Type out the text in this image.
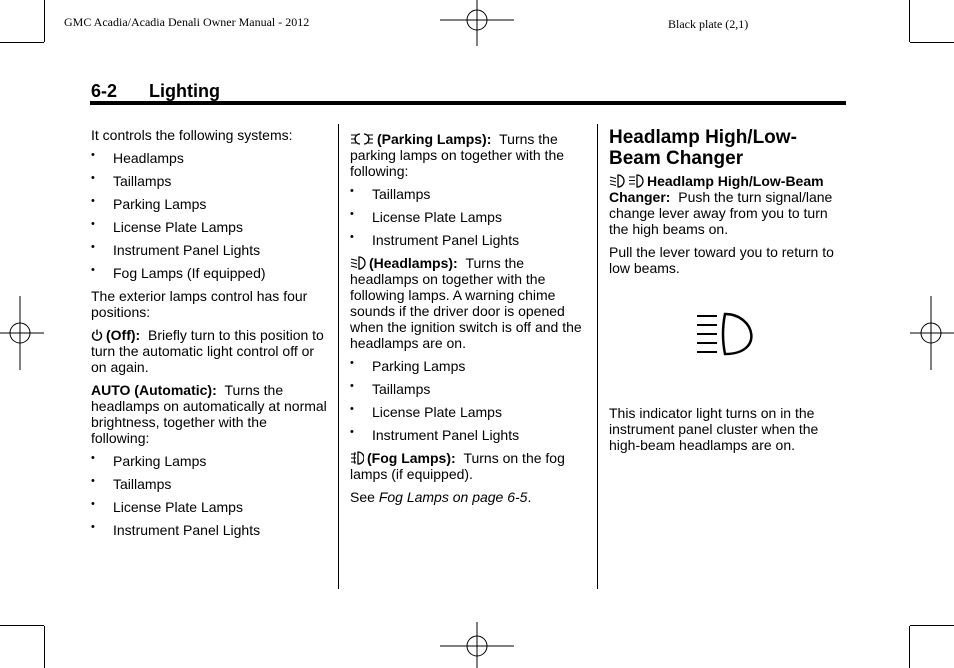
GMC Acadia/Acadia Denali Owner Manual - 2012	Black plate (2,1)
6-2 Lighting

It controls the following systems:

• Headlamps
• Taillamps
• Parking Lamps
• License Plate Lamps
• Instrument Panel Lights
• Fog Lamps (If equipped)

The exterior lamps control has four positions:

(Off): Briefly turn to this position to turn the automatic light control off or on again.

AUTO (Automatic): Turns the headlamps on automatically at normal brightness, together with the following:

• Parking Lamps
• Taillamps
• License Plate Lamps
• Instrument Panel Lights

(Parking Lamps): Turns the parking lamps on together with the following:

• Taillamps
• License Plate Lamps
• Instrument Panel Lights

(Headlamps): Turns the headlamps on together with the following lamps. A warning chime sounds if the driver door is opened when the ignition switch is off and the headlamps are on.

• Parking Lamps
• Taillamps
• License Plate Lamps
• Instrument Panel Lights

(Fog Lamps): Turns on the fog lamps (if equipped).

See Fog Lamps on page 6-5.

Headlamp High/Low-Beam Changer

Headlamp High/Low-Beam Changer: Push the turn signal/lane change lever away from you to turn the high beams on.

Pull the lever toward you to return to low beams.

This indicator light turns on in the instrument panel cluster when the high-beam headlamps are on.
